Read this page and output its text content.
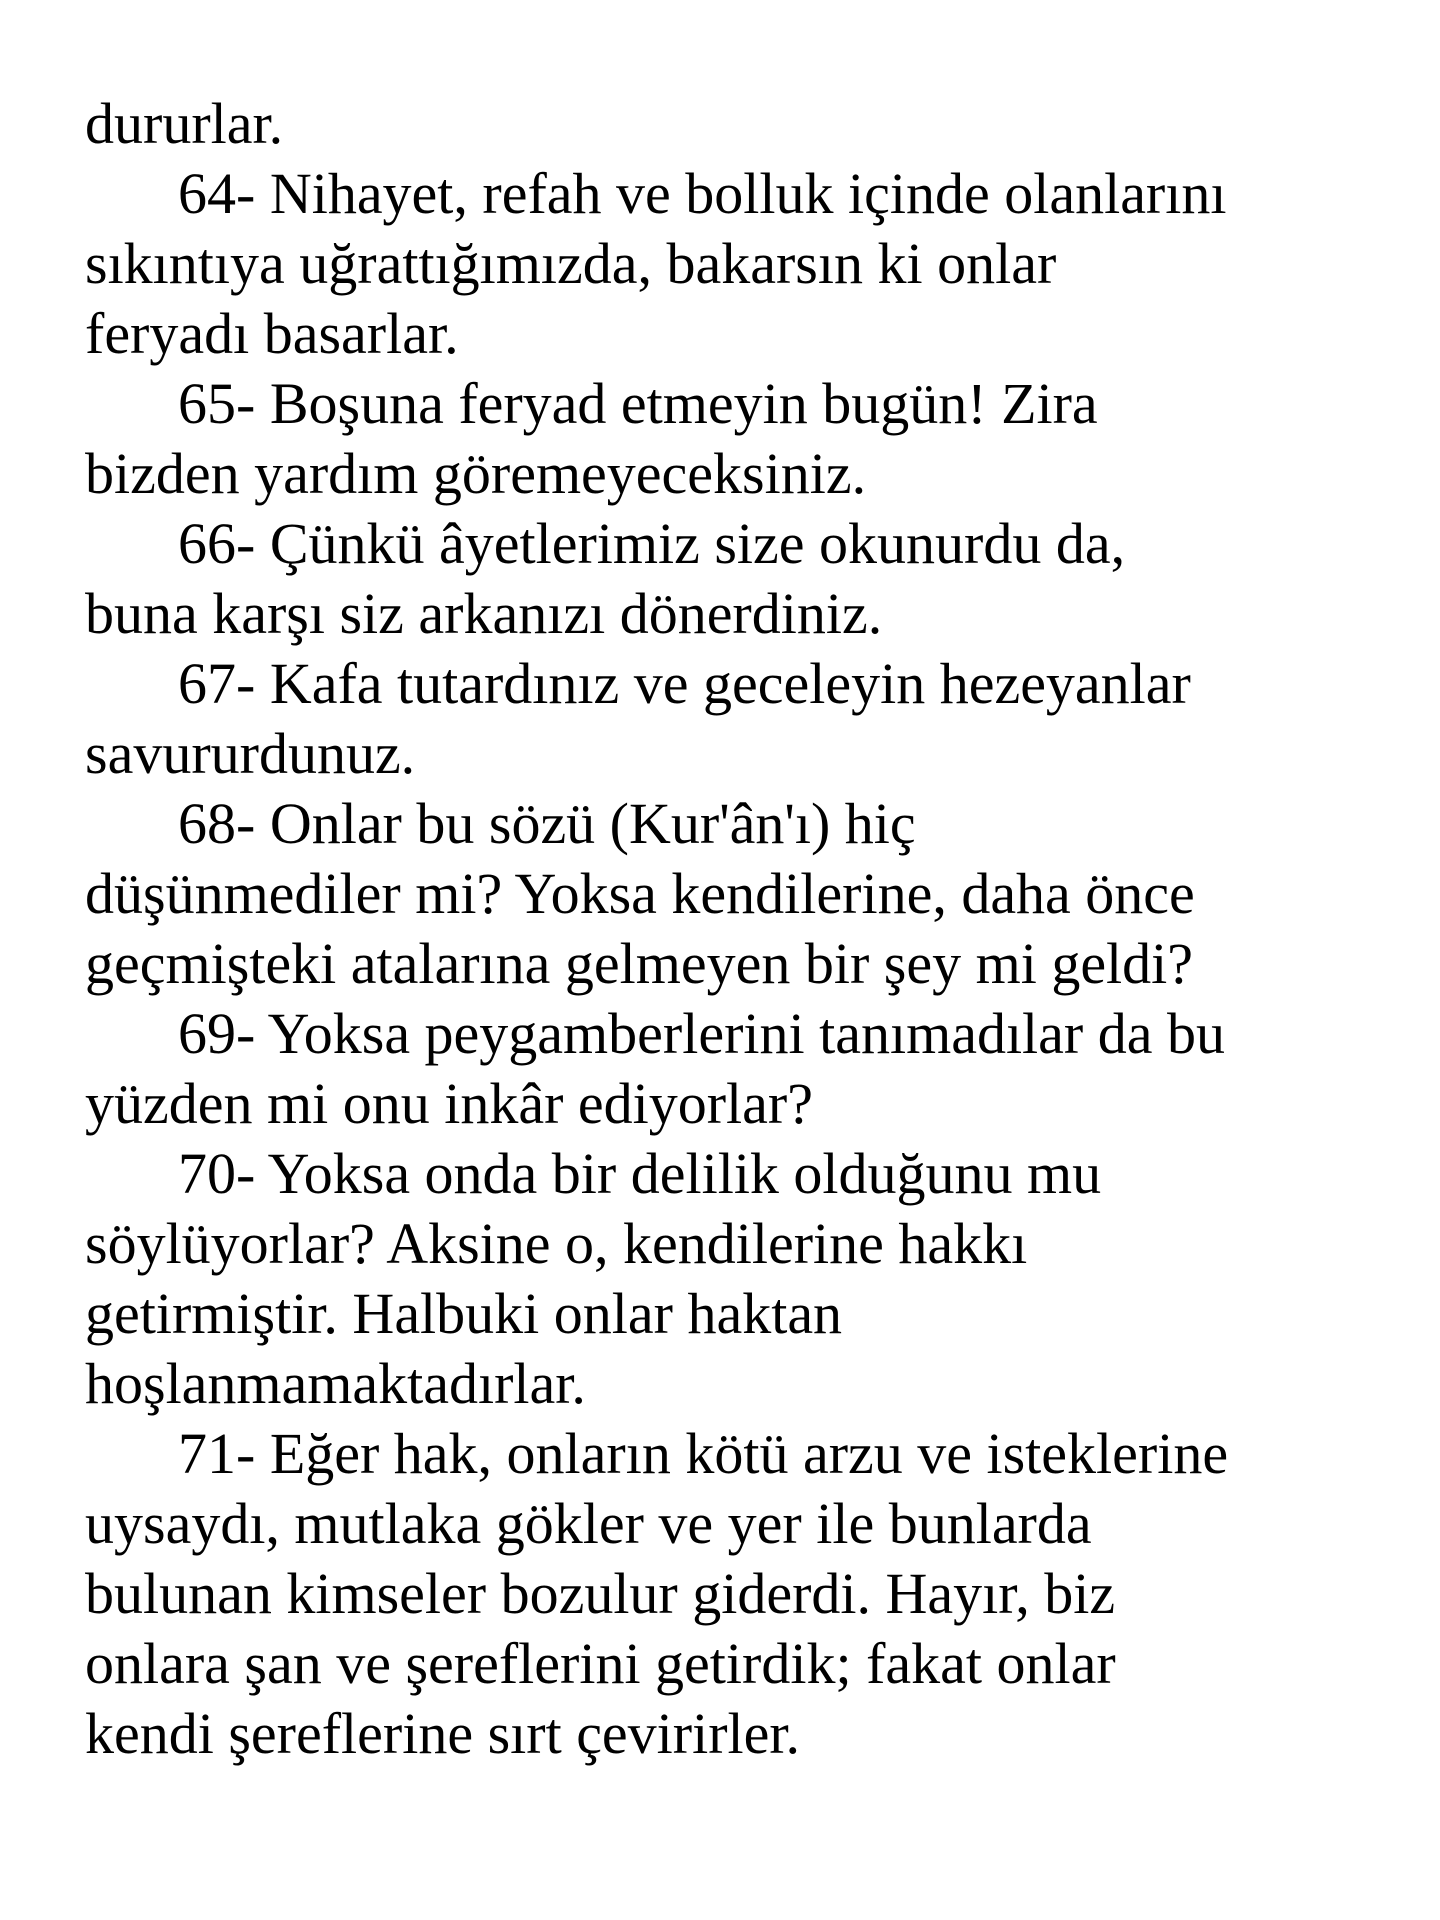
dururlar.

64- Nihayet, refah ve bolluk içinde olanlarını

sıkıntıya uğrattığımızda, bakarsın ki onlar

feryadı basarlar.

65- Boşuna feryad etmeyin bugün! Zira

bizden yardım göremeyeceksiniz.

66- Çünkü âyetlerimiz size okunurdu da,

buna karşı siz arkanızı dönerdiniz.

67- Kafa tutardınız ve geceleyin hezeyanlar

savururdunuz.

68- Onlar bu sözü (Kur'ân'ı) hiç

düşünmediler mi? Yoksa kendilerine, daha önce

geçmişteki atalarına gelmeyen bir şey mi geldi?

69- Yoksa peygamberlerini tanımadılar da bu

yüzden mi onu inkâr ediyorlar?

70- Yoksa onda bir delilik olduğunu mu

söylüyorlar? Aksine o, kendilerine hakkı

getirmiştir. Halbuki onlar haktan

hoşlanmamaktadırlar.

71- Eğer hak, onların kötü arzu ve isteklerine

uysaydı, mutlaka gökler ve yer ile bunlarda

bulunan kimseler bozulur giderdi. Hayır, biz

onlara şan ve şereflerini getirdik; fakat onlar

kendi şereflerine sırt çevirirler.
